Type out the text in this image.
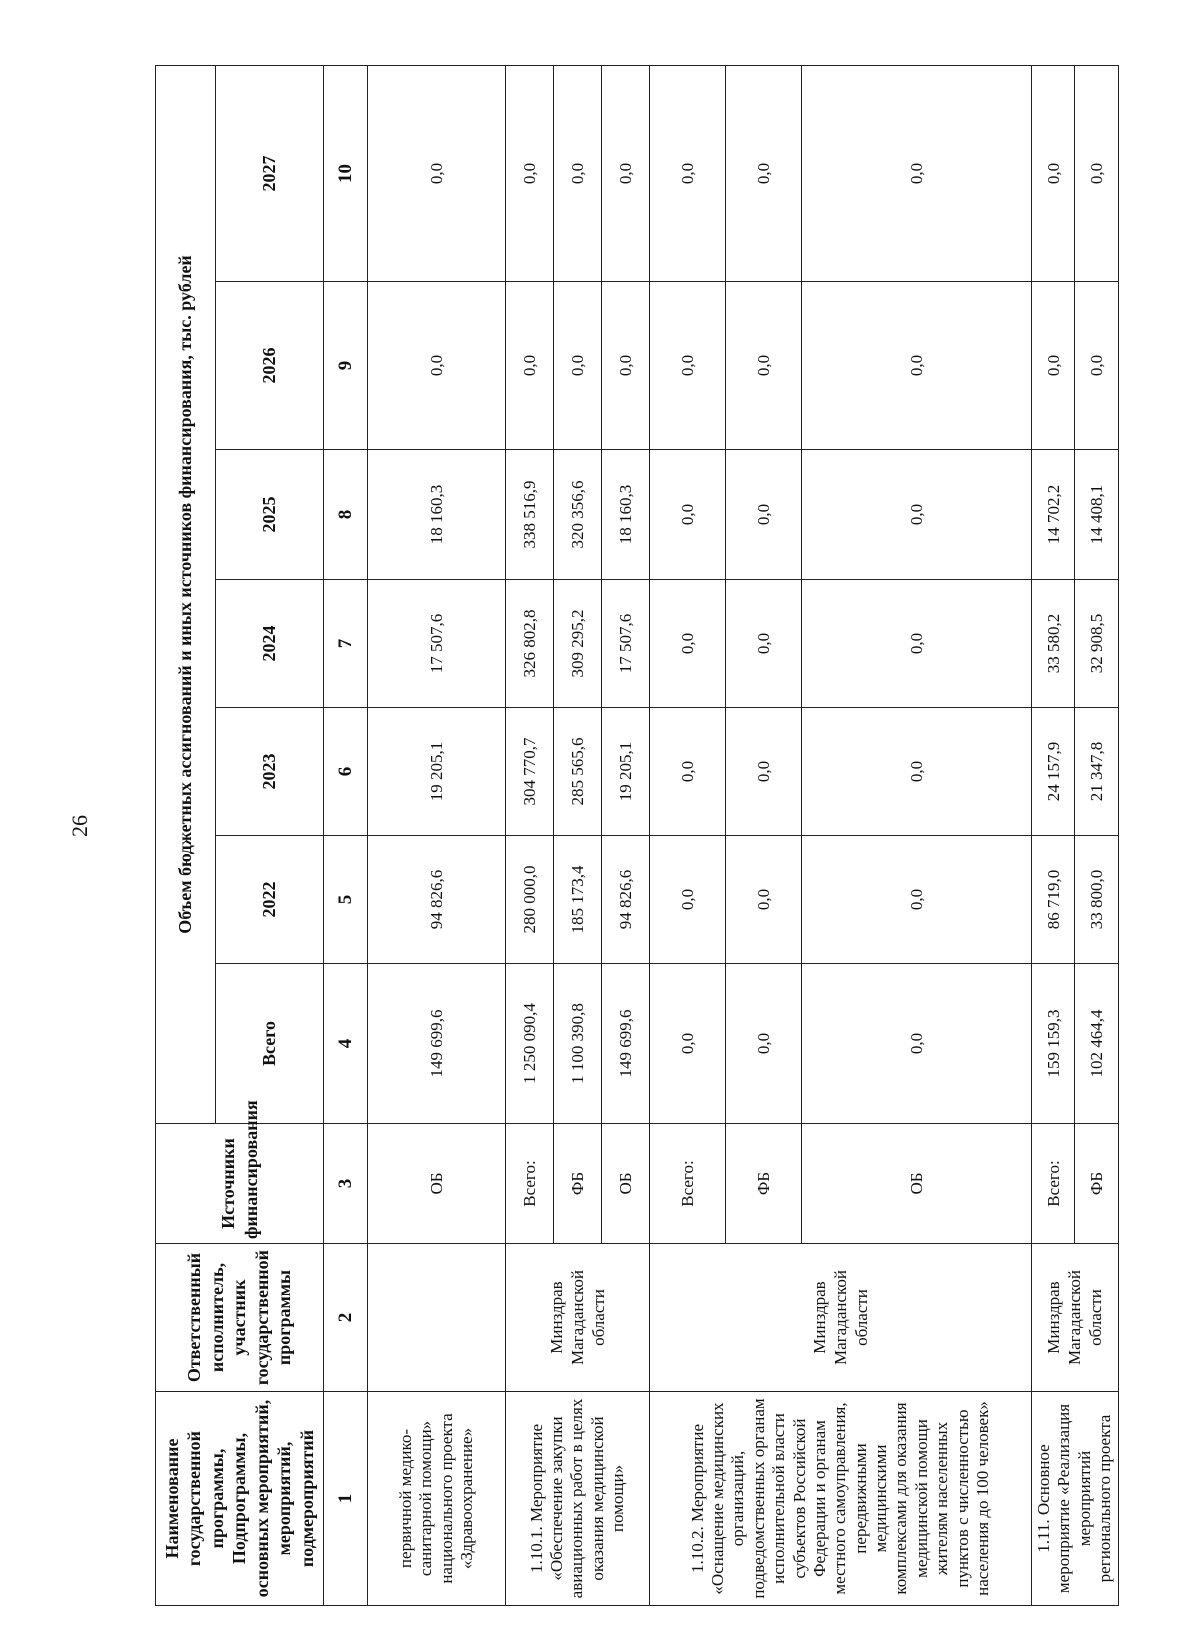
26
Наименование государственной программы, Подпрограммы, основных мероприятий, мероприятий, подмероприятий	Ответственный исполнитель, участник государственной программы	Источники финансирования	Объем бюджетных ассигнований и иных источников финансирования, тыс. рублей						
			Всего	2022	2023	2024	2025	2026	2027
1	2	3	4	5	6	7	8	9	10
первичной медико-санитарной помощи» национального проекта «Здравоохранение»		ОБ	149 699,6	94 826,6	19 205,1	17 507,6	18 160,3	0,0	0,0
1.10.1. Мероприятие «Обеспечение закупки авиационных работ в целях оказания медицинской помощи»	Минздрав Магаданской области	Всего:	1 250 090,4	280 000,0	304 770,7	326 802,8	338 516,9	0,0	0,0
		ФБ	1 100 390,8	185 173,4	285 565,6	309 295,2	320 356,6	0,0	0,0
		ОБ	149 699,6	94 826,6	19 205,1	17 507,6	18 160,3	0,0	0,0
1.10.2. Мероприятие «Оснащение медицинских организаций, подведомственных органам исполнительной власти субъектов Российской Федерации и органам местного самоуправления, передвижными медицинскими комплексами для оказания медицинской помощи жителям населенных пунктов с численностью населения до 100 человек»	Минздрав Магаданской области	Всего:	0,0	0,0	0,0	0,0	0,0	0,0	0,0
		ФБ	0,0	0,0	0,0	0,0	0,0	0,0	0,0
		ОБ	0,0	0,0	0,0	0,0	0,0	0,0	0,0
1.11. Основное мероприятие «Реализация мероприятий регионального проекта	Минздрав Магаданской области	Всего:	159 159,3	86 719,0	24 157,9	33 580,2	14 702,2	0,0	0,0
		ФБ	102 464,4	33 800,0	21 347,8	32 908,5	14 408,1	0,0	0,0
